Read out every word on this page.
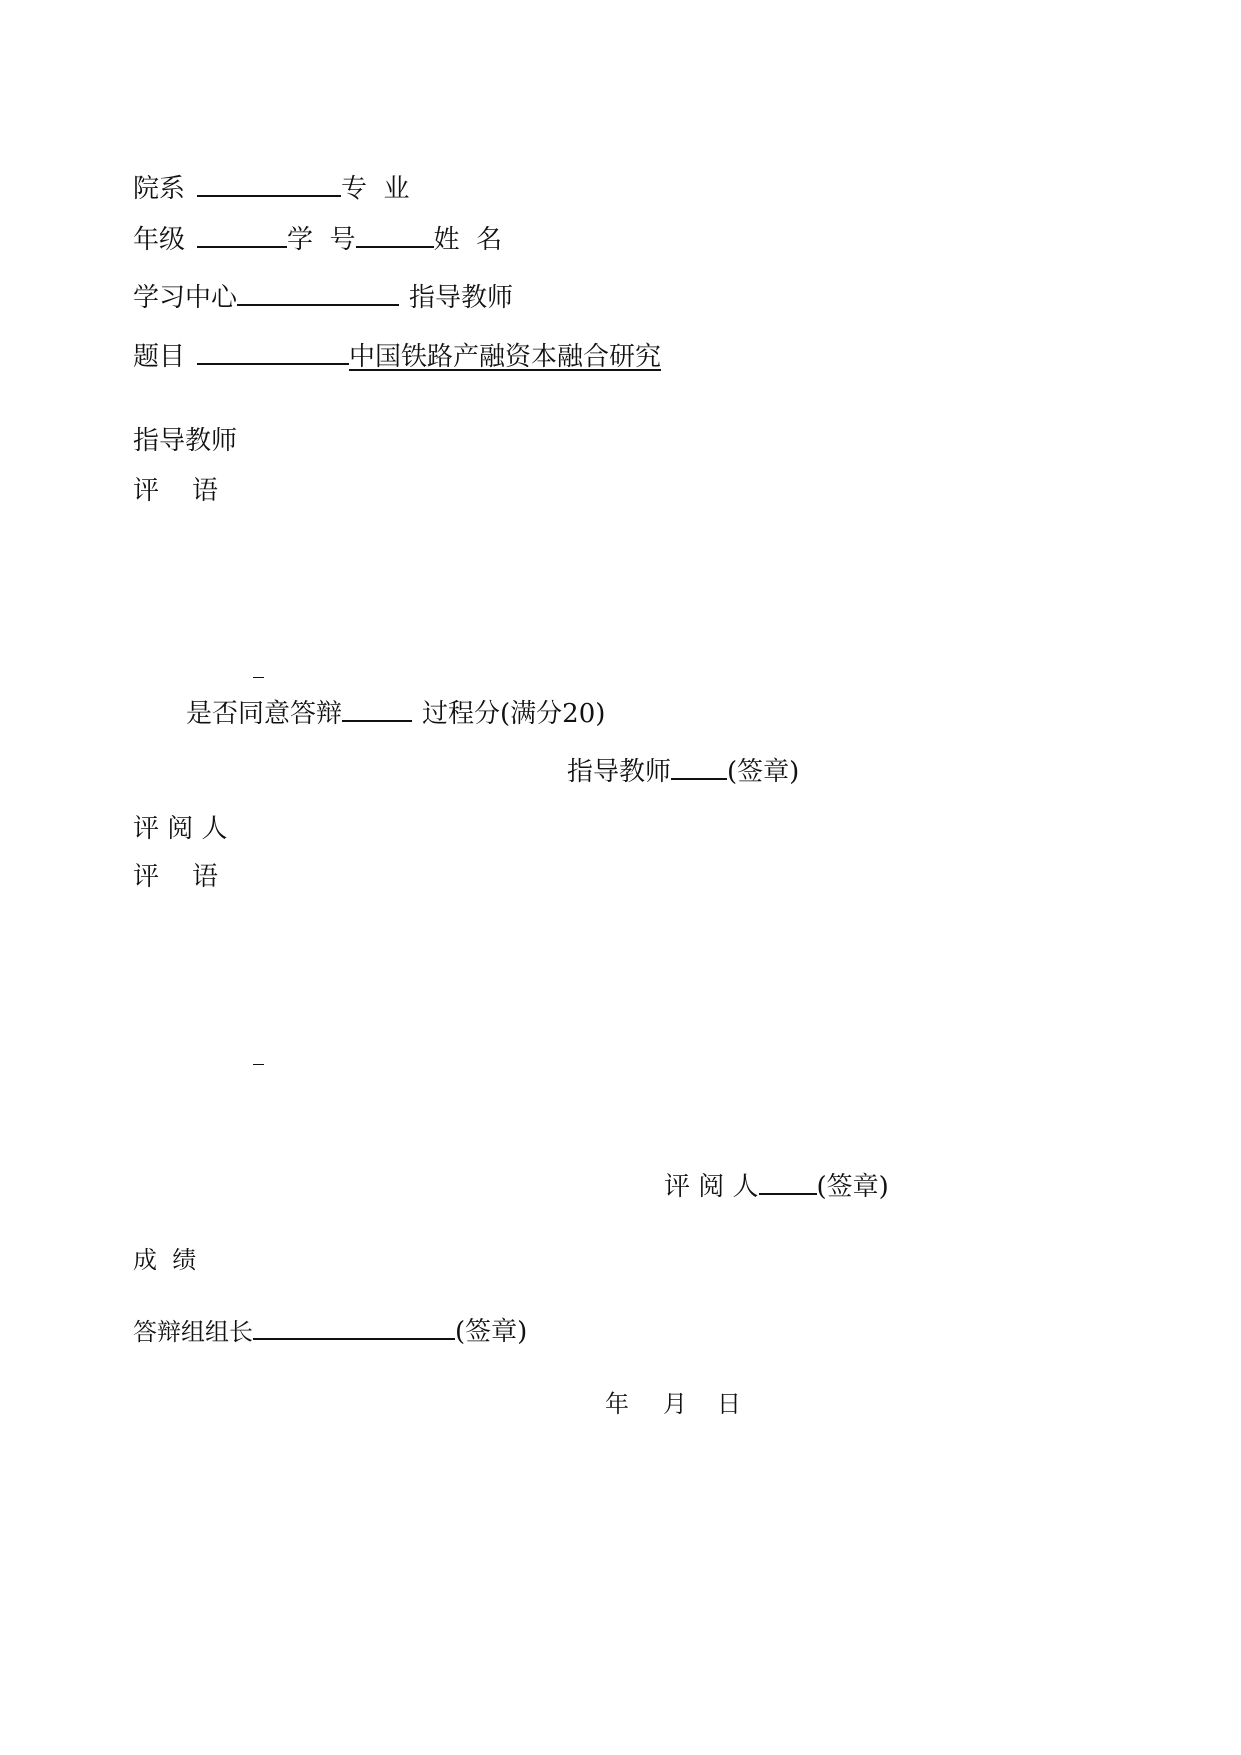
院系	专  业
年级	学  号	姓  名
学习中心	指导教师
题目	中国铁路产融资本融合研究
指导教师
评    语
是否同意答辩	过程分(满分20)
指导教师 (签章)
评 阅 人
评    语
评 阅 人 (签章)
成  绩
答辩组组长	(签章)
年 月 日
